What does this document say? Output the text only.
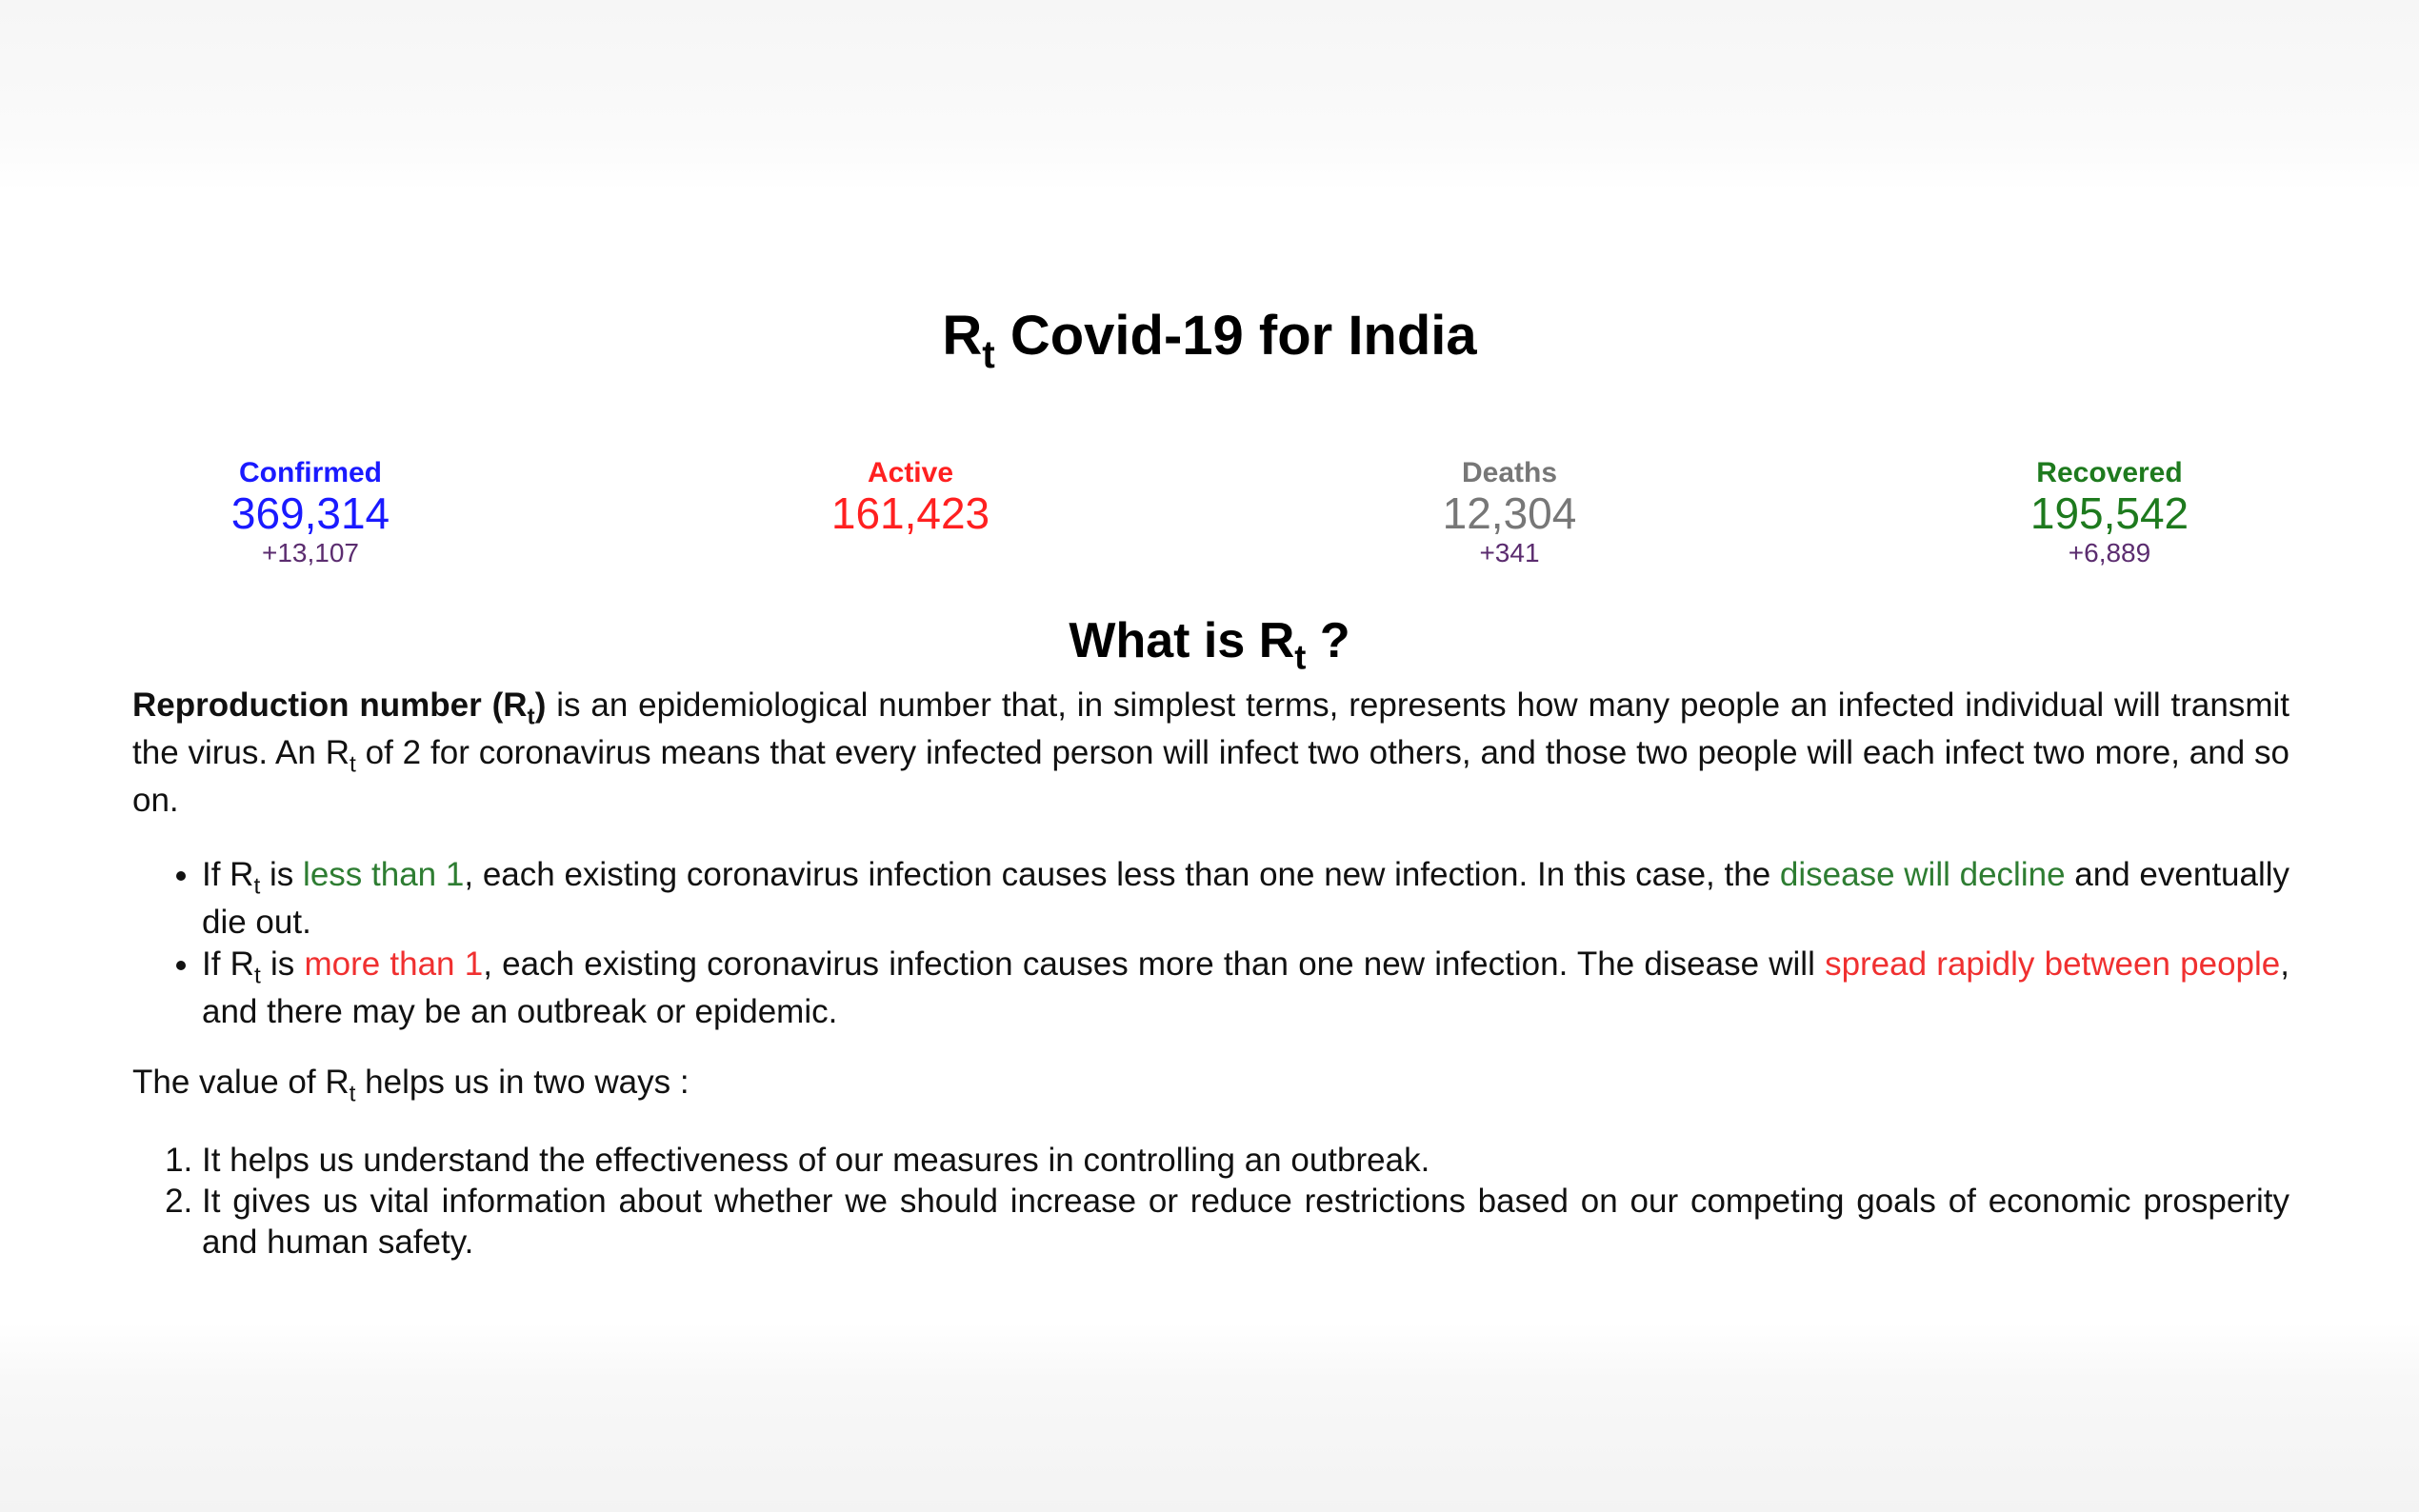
$R_t$ Covid-19 for India
Confirmed
369,314
+13,107
Active
161,423
Deaths
12,304
+341
Recovered
195,542
+6,889
What is $R_t$ ?

Reproduction number $(R_t)$ is an epidemiological number that, in simplest terms, represents how many people an infected individual will transmit the virus. An $R_t$ of 2 for coronavirus means that every infected person will infect two others, and those two people will each infect two more, and so on.

• If $R_t$ is less than 1, each existing coronavirus infection causes less than one new infection. In this case, the disease will decline and eventually die out.
• If $R_t$ is more than 1, each existing coronavirus infection causes more than one new infection. The disease will spread rapidly between people, and there may be an outbreak or epidemic.

The value of $R_t$ helps us in two ways :

1. It helps us understand the effectiveness of our measures in controlling an outbreak.
2. It gives us vital information about whether we should increase or reduce restrictions based on our competing goals of economic prosperity and human safety.
